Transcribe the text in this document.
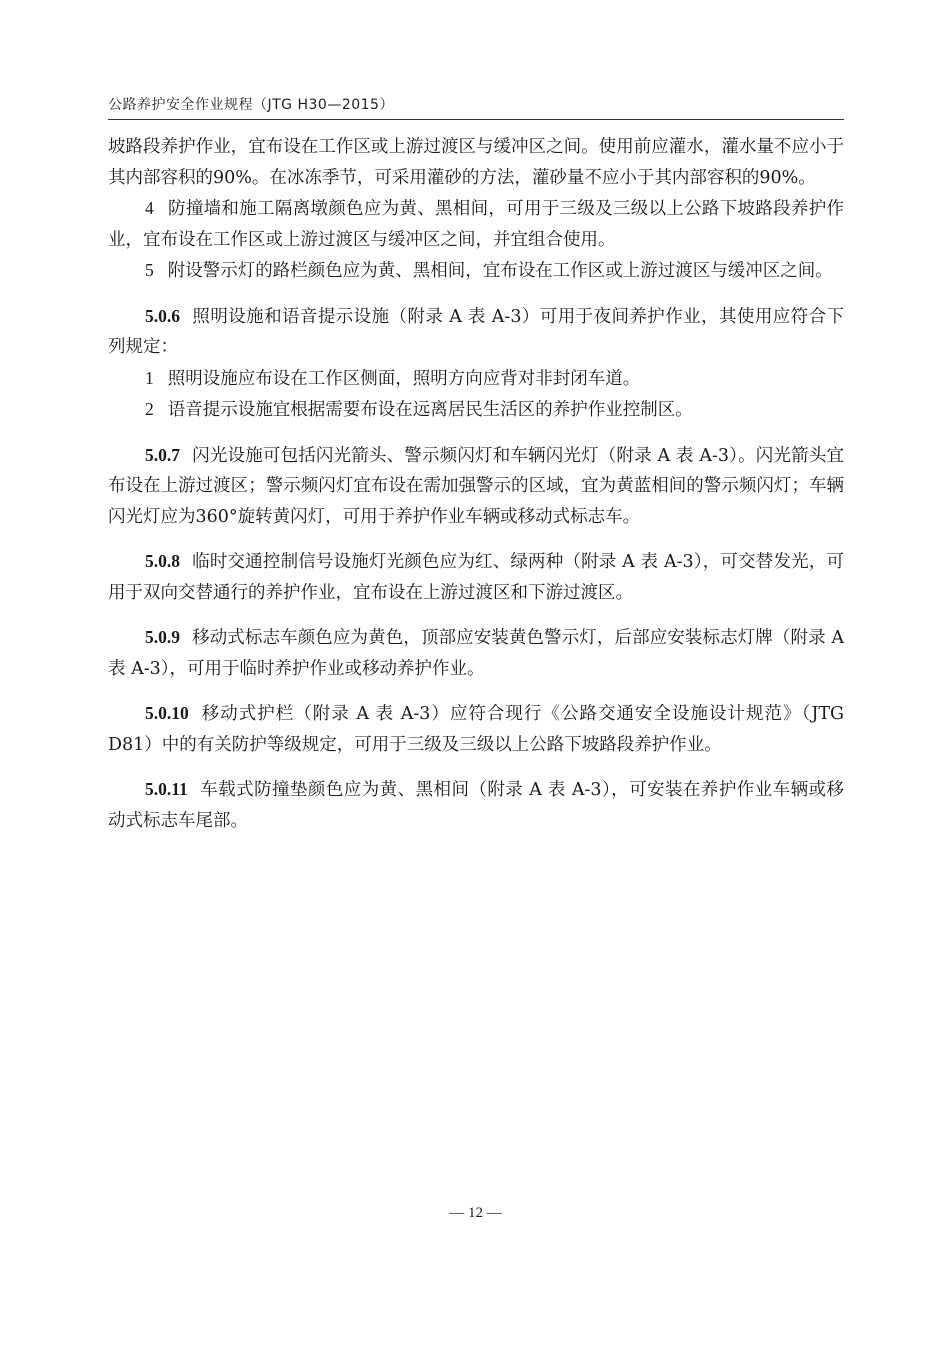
公路养护安全作业规程（JTG H30—2015）

坡路段养护作业，宜布设在工作区或上游过渡区与缓冲区之间。使用前应灌水，灌水量不应小于其内部容积的90%。在冰冻季节，可采用灌砂的方法，灌砂量不应小于其内部容积的90%。

4 防撞墙和施工隔离墩颜色应为黄、黑相间，可用于三级及三级以上公路下坡路段养护作业，宜布设在工作区或上游过渡区与缓冲区之间，并宜组合使用。

5 附设警示灯的路栏颜色应为黄、黑相间，宜布设在工作区或上游过渡区与缓冲区之间。

5.0.6 照明设施和语音提示设施（附录 A 表 A-3）可用于夜间养护作业，其使用应符合下列规定：

1 照明设施应布设在工作区侧面，照明方向应背对非封闭车道。

2 语音提示设施宜根据需要布设在远离居民生活区的养护作业控制区。

5.0.7 闪光设施可包括闪光箭头、警示频闪灯和车辆闪光灯（附录 A 表 A-3）。闪光箭头宜布设在上游过渡区；警示频闪灯宜布设在需加强警示的区域，宜为黄蓝相间的警示频闪灯；车辆闪光灯应为360°旋转黄闪灯，可用于养护作业车辆或移动式标志车。

5.0.8 临时交通控制信号设施灯光颜色应为红、绿两种（附录 A 表 A-3），可交替发光，可用于双向交替通行的养护作业，宜布设在上游过渡区和下游过渡区。

5.0.9 移动式标志车颜色应为黄色，顶部应安装黄色警示灯，后部应安装标志灯牌（附录 A 表 A-3），可用于临时养护作业或移动养护作业。

5.0.10 移动式护栏（附录 A 表 A-3）应符合现行《公路交通安全设施设计规范》（JTG D81）中的有关防护等级规定，可用于三级及三级以上公路下坡路段养护作业。

5.0.11 车载式防撞垫颜色应为黄、黑相间（附录 A 表 A-3），可安装在养护作业车辆或移动式标志车尾部。

— 12 —
